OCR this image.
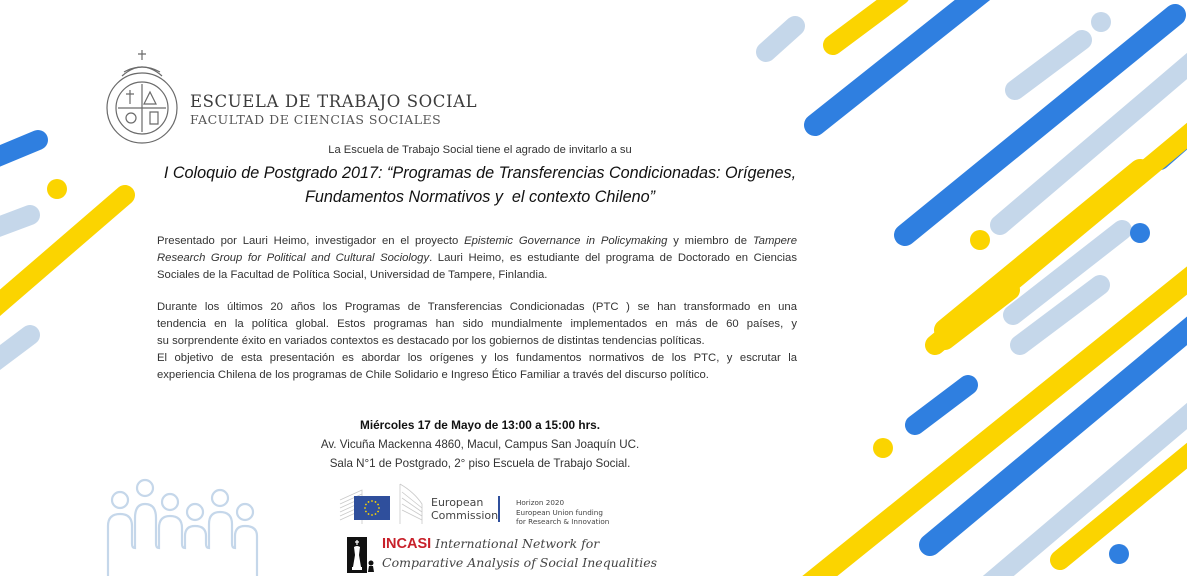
ESCUELA DE TRABAJO SOCIAL
FACULTAD DE CIENCIAS SOCIALES
La Escuela de Trabajo Social tiene el agrado de invitarlo a su
I Coloquio de Postgrado 2017: “Programas de Transferencias Condicionadas: Orígenes,
Fundamentos Normativos y  el contexto Chileno”
Presentado por Lauri Heimo, investigador en el proyecto Epistemic Governance in Policymaking y miembro de Tampere Research Group for Political and Cultural Sociology. Lauri Heimo, es estudiante del programa de Doctorado en Ciencias Sociales de la Facultad de Política Social, Universidad de Tampere, Finlandia.
Durante los últimos 20 años los Programas de Transferencias Condicionadas (PTC ) se han transformado en una
tendencia en la política global. Estos programas han sido mundialmente implementados en más de 60 países, y
su sorprendente éxito en variados contextos es destacado por los gobiernos de distintas tendencias políticas.
El objetivo de esta presentación es abordar los orígenes y los fundamentos normativos de los PTC, y escrutar la
experiencia Chilena de los programas de Chile Solidario e Ingreso Ético Familiar a través del discurso político.
Miércoles 17 de Mayo de 13:00 a 15:00 hrs.
Av. Vicuña Mackenna 4860, Macul, Campus San Joaquín UC.
Sala N°1 de Postgrado, 2° piso Escuela de Trabajo Social.
European
Commission
Horizon 2020
European Union funding
for Research & Innovation
INCASI International Network for
Comparative Analysis of Social Inequalities
